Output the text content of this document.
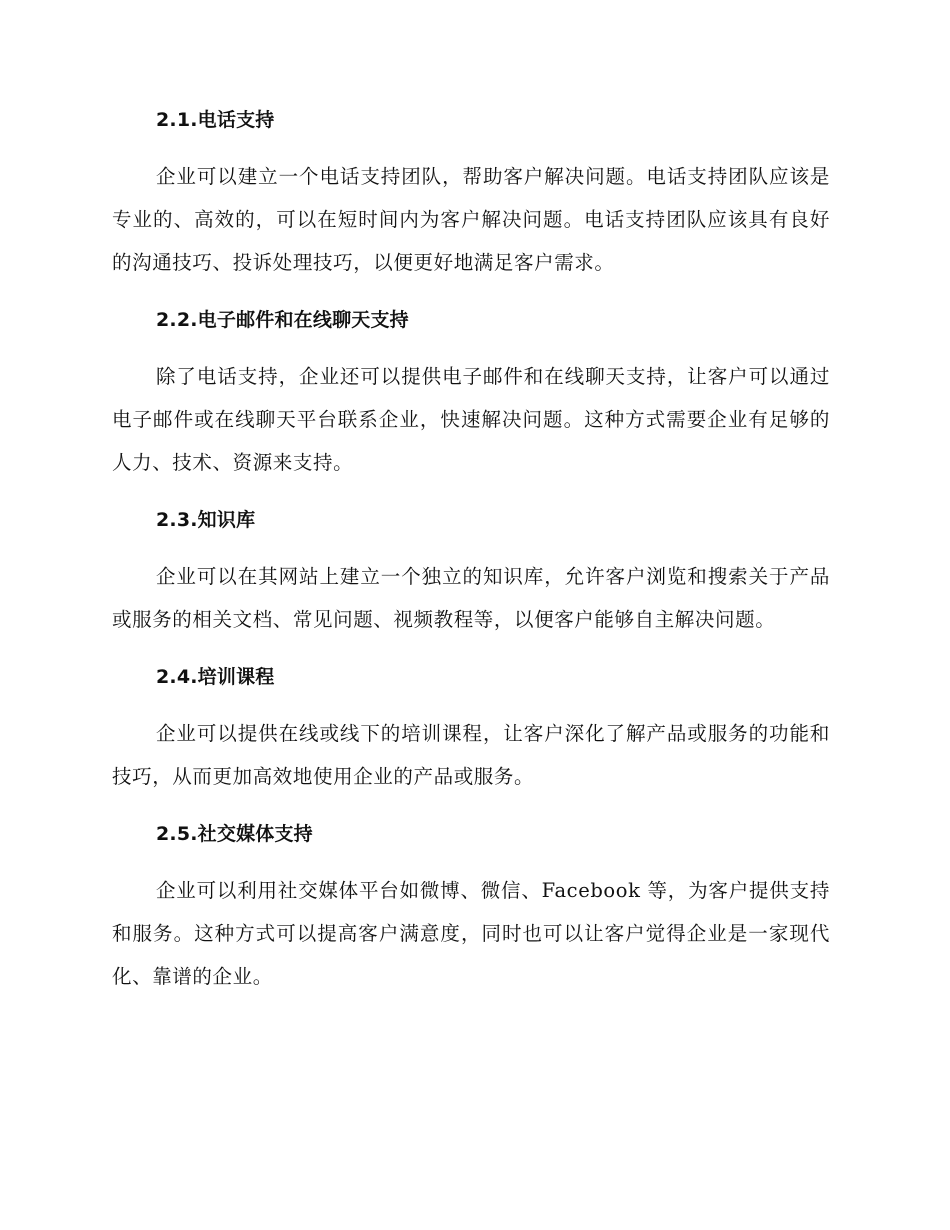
2.1.电话支持

企业可以建立一个电话支持团队，帮助客户解决问题。电话支持团队应该是专业的、高效的，可以在短时间内为客户解决问题。电话支持团队应该具有良好的沟通技巧、投诉处理技巧，以便更好地满足客户需求。

2.2.电子邮件和在线聊天支持

除了电话支持，企业还可以提供电子邮件和在线聊天支持，让客户可以通过电子邮件或在线聊天平台联系企业，快速解决问题。这种方式需要企业有足够的人力、技术、资源来支持。

2.3.知识库

企业可以在其网站上建立一个独立的知识库，允许客户浏览和搜索关于产品或服务的相关文档、常见问题、视频教程等，以便客户能够自主解决问题。

2.4.培训课程

企业可以提供在线或线下的培训课程，让客户深化了解产品或服务的功能和技巧，从而更加高效地使用企业的产品或服务。

2.5.社交媒体支持

企业可以利用社交媒体平台如微博、微信、Facebook 等，为客户提供支持和服务。这种方式可以提高客户满意度，同时也可以让客户觉得企业是一家现代化、靠谱的企业。
